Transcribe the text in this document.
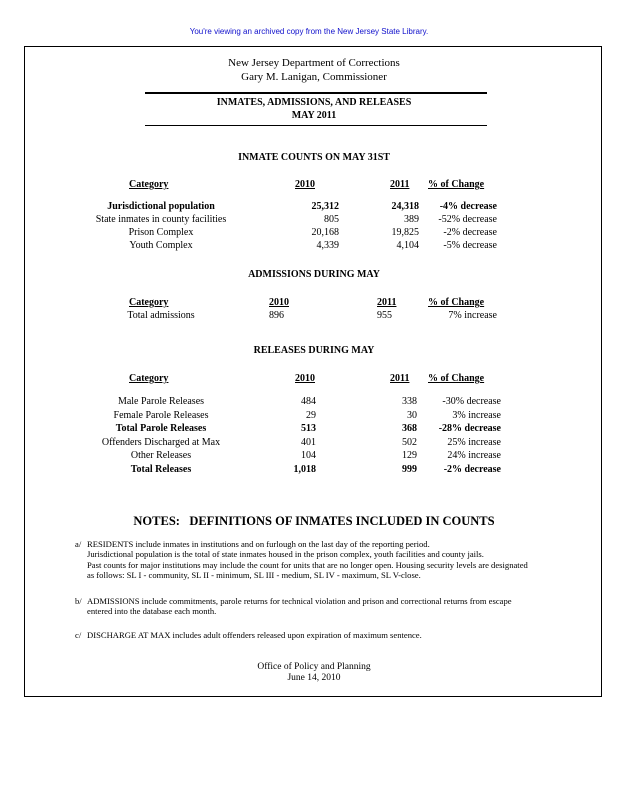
You're viewing an archived copy from the New Jersey State Library.
New Jersey Department of Corrections
Gary M. Lanigan, Commissioner
INMATES, ADMISSIONS, AND RELEASES
MAY 2011
INMATE COUNTS ON MAY 31ST
Category	2010	2011 % of Change
Jurisdictional population	25,312	24,318 -4% decrease
State inmates in county facilities	805	389 -52% decrease
Prison Complex	20,168	19,825 -2% decrease
Youth Complex	4,339	4,104 -5% decrease
ADMISSIONS DURING MAY
Category	2010	2011	% of Change
Total admissions	896	955	7% increase
RELEASES DURING MAY
Category	2010	2011 % of Change
Male Parole Releases	484	338	-30% decrease
Female Parole Releases	29	30	3% increase
Total Parole Releases	513	368 -28% decrease
Offenders Discharged at Max	401	502	25% increase
Other Releases	104	129	24% increase
Total Releases	1,018	999	-2% decrease
NOTES:   DEFINITIONS OF INMATES INCLUDED IN COUNTS
a/ RESIDENTS include inmates in institutions and on furlough on the last day of the reporting period.
Jurisdictional population is the total of state inmates housed in the prison complex, youth facilities and county jails.
Past counts for major institutions may include the count for units that are no longer open. Housing security levels are designated
as follows: SL I - community, SL II - minimum, SL III - medium, SL IV - maximum, SL V-close.
b/ ADMISSIONS include commitments, parole returns for technical violation and prison and correctional returns from escape
entered into the database each month.
c/ DISCHARGE AT MAX includes adult offenders released upon expiration of maximum sentence.
Office of Policy and Planning
June 14, 2010
